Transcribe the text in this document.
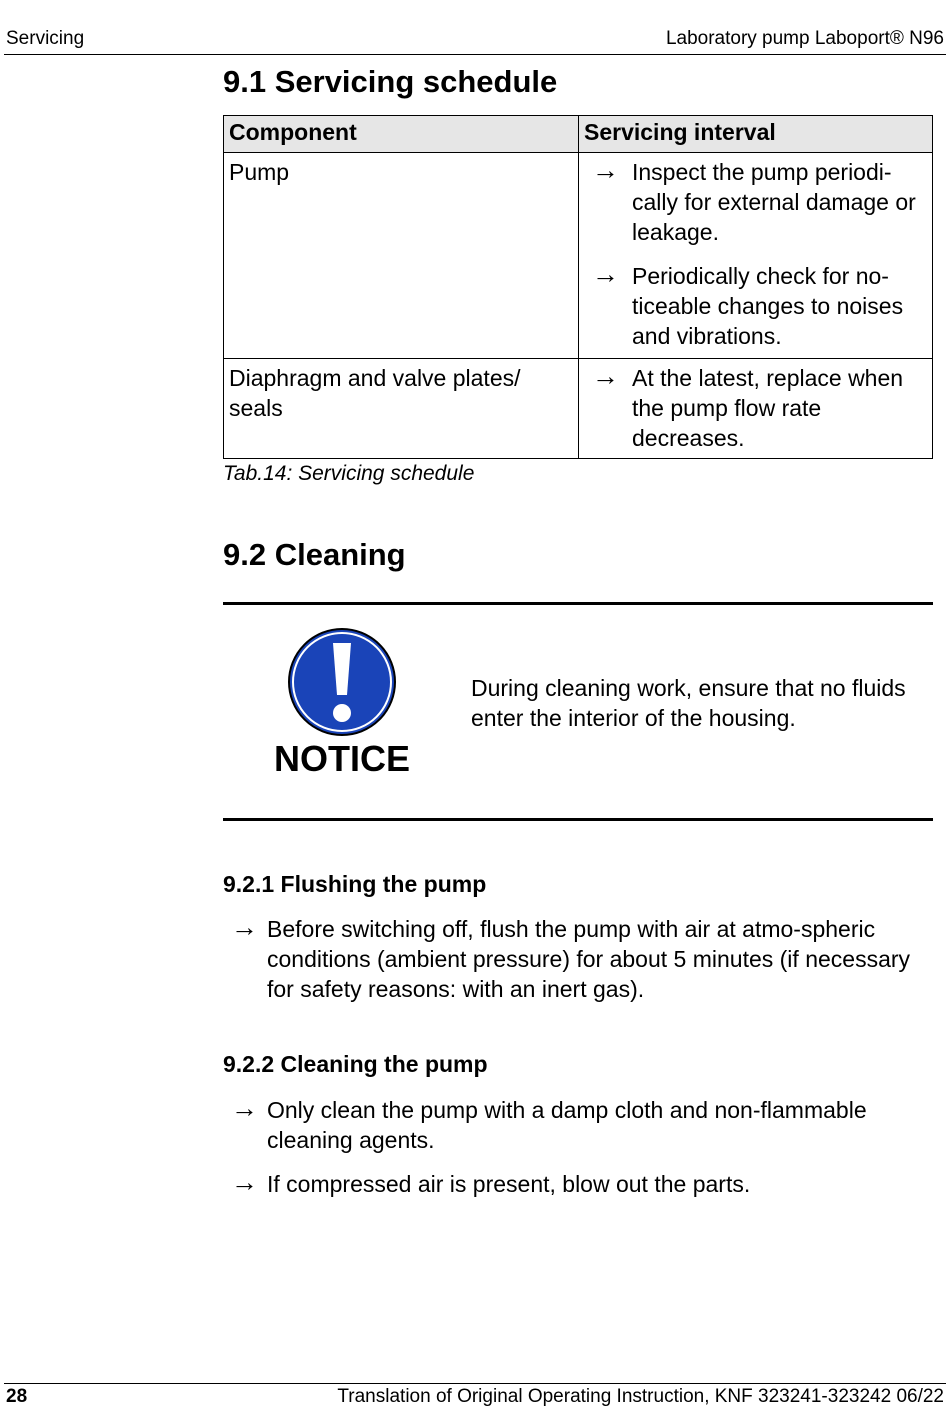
Servicing	Laboratory pump Laboport® N96
9.1 Servicing schedule
Component	Servicing interval
Pump	→ Inspect the pump periodi-cally for external damage or leakage.
→ Periodically check for no-ticeable changes to noises and vibrations.

Diaphragm and valve plates/ seals	→ At the latest, replace when the pump flow rate decreases.
Tab.14: Servicing schedule
9.2 Cleaning
NOTICE
During cleaning work, ensure that no fluids enter the interior of the housing.
9.2.1 Flushing the pump
→ Before switching off, flush the pump with air at atmo-spheric conditions (ambient pressure) for about 5 minutes (if necessary for safety reasons: with an inert gas).
9.2.2 Cleaning the pump
→ Only clean the pump with a damp cloth and non-flammable cleaning agents.
→ If compressed air is present, blow out the parts.
28	Translation of Original Operating Instruction, KNF 323241-323242 06/22
